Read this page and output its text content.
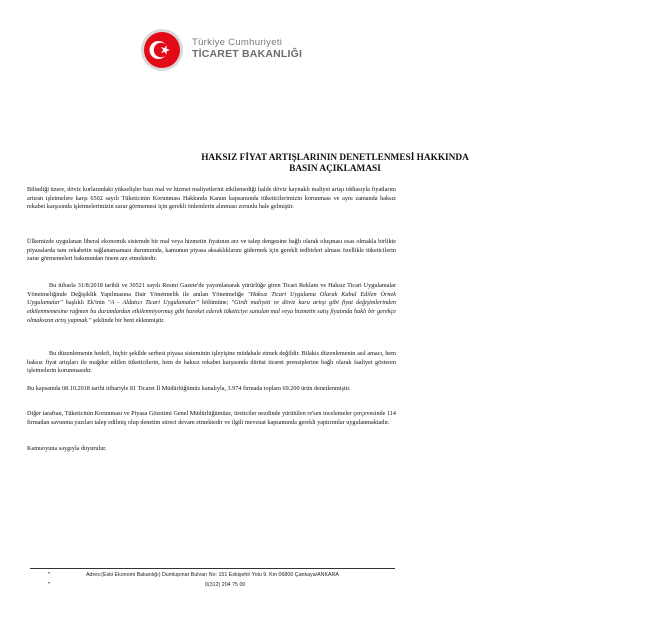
Türkiye Cumhuriyeti
TİCARET BAKANLIĞI
HAKSIZ FİYAT ARTIŞLARININ DENETLENMESİ HAKKINDA
BASIN AÇIKLAMASI

Bilindiği üzere, döviz kurlarındaki yükselişler bazı mal ve hizmet maliyetlerini etkilemediği halde döviz kaynaklı maliyet artışı iddiasıyla fiyatlarını artıran işletmelere karşı 6502 sayılı Tüketicinin Korunması Hakkında Kanun kapsamında tüketicilerimizin korunması ve aynı zamanda haksız rekabet karşısında işletmelerimizin zarar görmemesi için gerekli önlemlerin alınması zorunlu hale gelmiştir.

Ülkemizde uygulanan liberal ekonomik sistemde bir mal veya hizmetin fiyatının arz ve talep dengesine bağlı olarak oluşması esas olmakla birlikte piyasalarda tam rekabetin sağlanamaması durumunda, kamunun piyasa aksaklıklarını gidermek için gerekli tedbirleri alması özellikle tüketicilerin zarar görmemeleri bakımından önem arz etmektedir.

Bu itibarla 31/8/2018 tarihli ve 30521 sayılı Resmi Gazete'de yayımlanarak yürürlüğe giren Ticari Reklam ve Haksız Ticari Uygulamalar Yönetmeliğinde Değişiklik Yapılmasına Dair Yönetmelik ile anılan Yönetmeliğe "Haksız Ticari Uygulama Olarak Kabul Edilen Örnek Uygulamalar" başlıklı Ek'inin "A - Aldatıcı Ticari Uygulamalar" bölümüne; "Girdi maliyeti ve döviz kuru artışı gibi fiyat değişimlerinden etkilenmemesine rağmen bu durumlardan etkilenmiyormuş gibi hareket ederek tüketiciye sunulan mal veya hizmetin satış fiyatında haklı bir gerekçe olmaksızın artış yapmak." şeklinde bir bent eklenmiştir.

Bu düzenlemenin hedefi, hiçbir şekilde serbest piyasa sisteminin işleyişine müdahale etmek değildir. Bilakis düzenlemenin asıl amacı, hem haksız fiyat artışları ile mağdur edilen tüketicilerin, hem de haksız rekabet karşısında dürüst ticaret prensiplerine bağlı olarak faaliyet gösteren işletmelerin korunmasıdır.

Bu kapsamda 08.10.2018 tarihi itibariyle 81 Ticaret İl Müdürlüğümüz kanalıyla, 3.974 firmada toplam 69.200 ürün denetlenmiştir.

Diğer taraftan, Tüketicinin Korunması ve Piyasa Gözetimi Genel Müdürlüğümüze, üreticiler nezdinde yürütülen re'sen incelemeler çerçevesinde 114 firmadan savunma yazıları talep edilmiş olup denetim süreci devam etmektedir ve ilgili mevzuat kapsamında gerekli yaptırımlar uygulanmaktadır.

Kamuoyuna saygıyla duyurulur.

•	Adres:(Eski Ekonomi Bakanlığı) Dumlupınar Bulvarı No: 151 Eskişehir Yolu 9. Km 06800 Çankaya/ANKARA
•	0(312) 204 75 00
